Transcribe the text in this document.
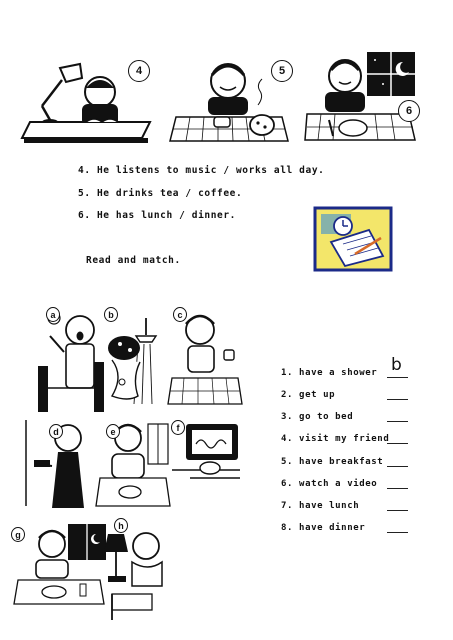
4	5
6
4. He listens to music / works all day.
5. He drinks tea / coffee.
6. He has lunch / dinner.
Read and match.
a	b	c
d	e	f
g
h
1. have a shower
2. get up
3. go to bed
4. visit my friend
5. have breakfast
6. watch a video
7. have lunch
8. have dinner
b
